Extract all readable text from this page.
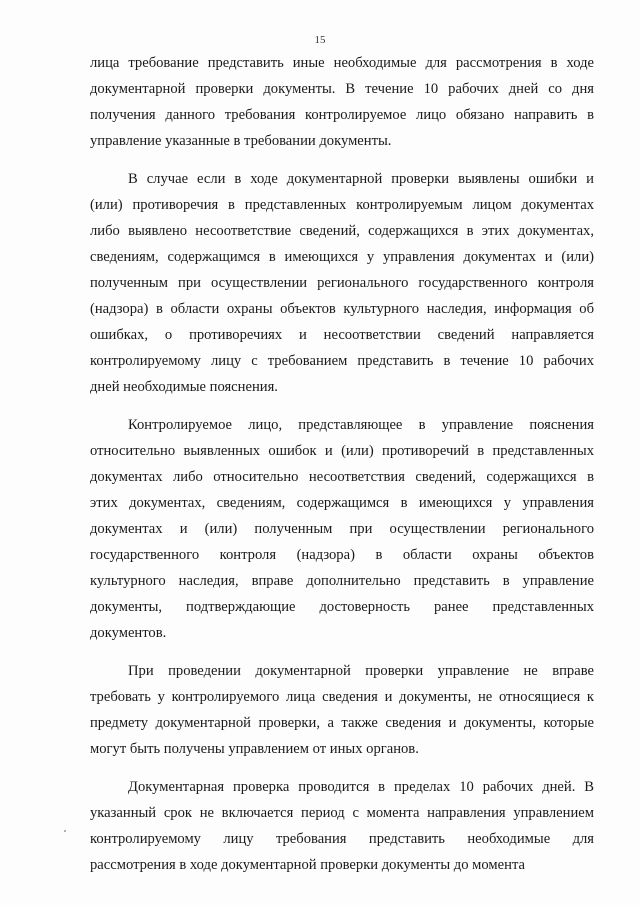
15
лица требование представить иные необходимые для рассмотрения в ходе
документарной проверки документы. В течение 10 рабочих дней со дня
получения данного требования контролируемое лицо обязано направить в
управление указанные в требовании документы.
В случае если в ходе документарной проверки выявлены ошибки и
(или) противоречия в представленных контролируемым лицом документах
либо выявлено несоответствие сведений, содержащихся в этих документах,
сведениям, содержащимся в имеющихся у управления документах и (или)
полученным при осуществлении регионального государственного контроля
(надзора) в области охраны объектов культурного наследия, информация об
ошибках, о противоречиях и несоответствии сведений направляется
контролируемому лицу с требованием представить в течение 10 рабочих
дней необходимые пояснения.
Контролируемое лицо, представляющее в управление пояснения
относительно выявленных ошибок и (или) противоречий в представленных
документах либо относительно несоответствия сведений, содержащихся в
этих документах, сведениям, содержащимся в имеющихся у управления
документах и (или) полученным при осуществлении регионального
государственного контроля (надзора) в области охраны объектов
культурного наследия, вправе дополнительно представить в управление
документы, подтверждающие достоверность ранее представленных
документов.
При проведении документарной проверки управление не вправе
требовать у контролируемого лица сведения и документы, не относящиеся к
предмету документарной проверки, а также сведения и документы, которые
могут быть получены управлением от иных органов.
Документарная проверка проводится в пределах 10 рабочих дней. В
указанный срок не включается период с момента направления управлением
контролируемому лицу требования представить необходимые для
рассмотрения в ходе документарной проверки документы до момента
